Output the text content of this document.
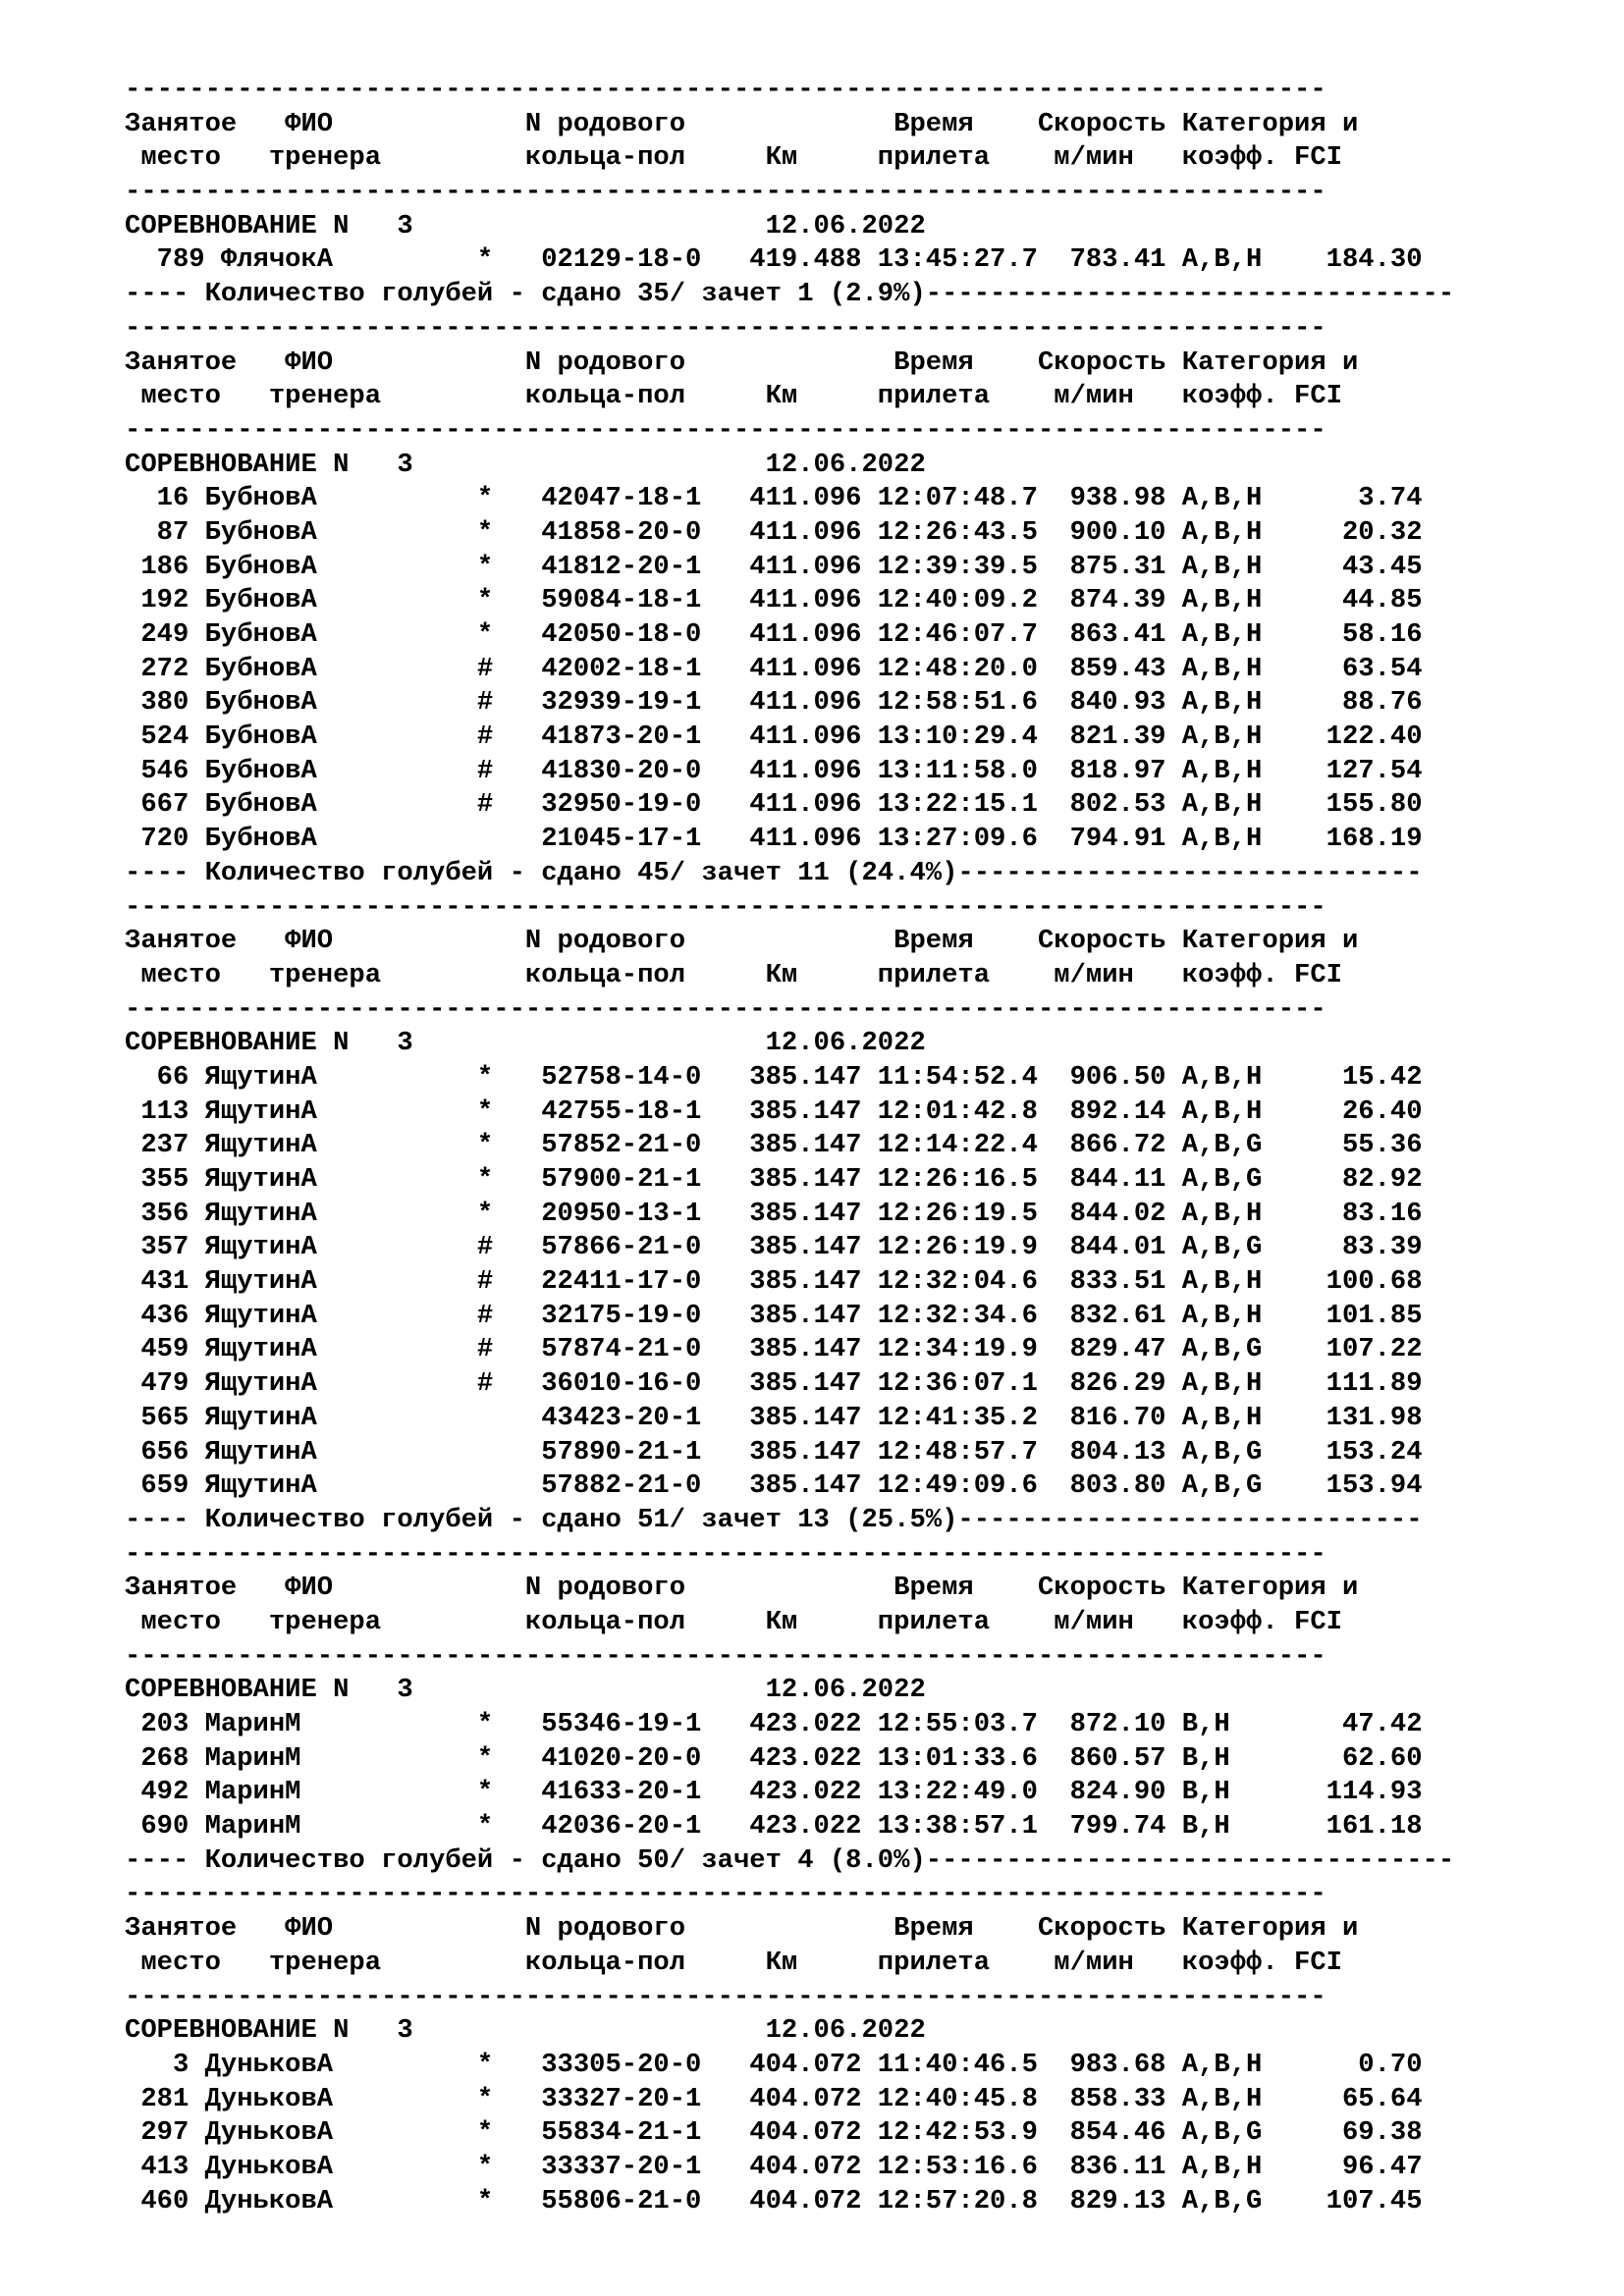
---------------------------------------------------------------------------
Занятое   ФИО            N родового             Время    Скорость Категория и
место   тренера         кольца-пол     Км     прилета    м/мин   коэфф. FCI
---------------------------------------------------------------------------
СОРЕВНОВАНИЕ N   3                      12.06.2022
789 ФлячокА         *   02129-18-0   419.488 13:45:27.7  783.41 A,B,H    184.30
---- Количество голубей - сдано 35/ зачет 1 (2.9%)---------------------------------
---------------------------------------------------------------------------
Занятое   ФИО            N родового             Время    Скорость Категория и
место   тренера         кольца-пол     Км     прилета    м/мин   коэфф. FCI
---------------------------------------------------------------------------
СОРЕВНОВАНИЕ N   3                      12.06.2022
16 БубновА          *   42047-18-1   411.096 12:07:48.7  938.98 A,B,H      3.74
87 БубновА          *   41858-20-0   411.096 12:26:43.5  900.10 A,B,H     20.32
186 БубновА          *   41812-20-1   411.096 12:39:39.5  875.31 A,B,H     43.45
192 БубновА          *   59084-18-1   411.096 12:40:09.2  874.39 A,B,H     44.85
249 БубновА          *   42050-18-0   411.096 12:46:07.7  863.41 A,B,H     58.16
272 БубновА          #   42002-18-1   411.096 12:48:20.0  859.43 A,B,H     63.54
380 БубновА          #   32939-19-1   411.096 12:58:51.6  840.93 A,B,H     88.76
524 БубновА          #   41873-20-1   411.096 13:10:29.4  821.39 A,B,H    122.40
546 БубновА          #   41830-20-0   411.096 13:11:58.0  818.97 A,B,H    127.54
667 БубновА          #   32950-19-0   411.096 13:22:15.1  802.53 A,B,H    155.80
720 БубновА              21045-17-1   411.096 13:27:09.6  794.91 A,B,H    168.19
---- Количество голубей - сдано 45/ зачет 11 (24.4%)-----------------------------
---------------------------------------------------------------------------
Занятое   ФИО            N родового             Время    Скорость Категория и
место   тренера         кольца-пол     Км     прилета    м/мин   коэфф. FCI
---------------------------------------------------------------------------
СОРЕВНОВАНИЕ N   3                      12.06.2022
66 ЯщутинА          *   52758-14-0   385.147 11:54:52.4  906.50 A,B,H     15.42
113 ЯщутинА          *   42755-18-1   385.147 12:01:42.8  892.14 A,B,H     26.40
237 ЯщутинА          *   57852-21-0   385.147 12:14:22.4  866.72 A,B,G     55.36
355 ЯщутинА          *   57900-21-1   385.147 12:26:16.5  844.11 A,B,G     82.92
356 ЯщутинА          *   20950-13-1   385.147 12:26:19.5  844.02 A,B,H     83.16
357 ЯщутинА          #   57866-21-0   385.147 12:26:19.9  844.01 A,B,G     83.39
431 ЯщутинА          #   22411-17-0   385.147 12:32:04.6  833.51 A,B,H    100.68
436 ЯщутинА          #   32175-19-0   385.147 12:32:34.6  832.61 A,B,H    101.85
459 ЯщутинА          #   57874-21-0   385.147 12:34:19.9  829.47 A,B,G    107.22
479 ЯщутинА          #   36010-16-0   385.147 12:36:07.1  826.29 A,B,H    111.89
565 ЯщутинА              43423-20-1   385.147 12:41:35.2  816.70 A,B,H    131.98
656 ЯщутинА              57890-21-1   385.147 12:48:57.7  804.13 A,B,G    153.24
659 ЯщутинА              57882-21-0   385.147 12:49:09.6  803.80 A,B,G    153.94
---- Количество голубей - сдано 51/ зачет 13 (25.5%)-----------------------------
---------------------------------------------------------------------------
Занятое   ФИО            N родового             Время    Скорость Категория и
место   тренера         кольца-пол     Км     прилета    м/мин   коэфф. FCI
---------------------------------------------------------------------------
СОРЕВНОВАНИЕ N   3                      12.06.2022
203 МаринМ           *   55346-19-1   423.022 12:55:03.7  872.10 B,H       47.42
268 МаринМ           *   41020-20-0   423.022 13:01:33.6  860.57 B,H       62.60
492 МаринМ           *   41633-20-1   423.022 13:22:49.0  824.90 B,H      114.93
690 МаринМ           *   42036-20-1   423.022 13:38:57.1  799.74 B,H      161.18
---- Количество голубей - сдано 50/ зачет 4 (8.0%)---------------------------------
---------------------------------------------------------------------------
Занятое   ФИО            N родового             Время    Скорость Категория и
место   тренера         кольца-пол     Км     прилета    м/мин   коэфф. FCI
---------------------------------------------------------------------------
СОРЕВНОВАНИЕ N   3                      12.06.2022
3 ДуньковА         *   33305-20-0   404.072 11:40:46.5  983.68 A,B,H      0.70
281 ДуньковА         *   33327-20-1   404.072 12:40:45.8  858.33 A,B,H     65.64
297 ДуньковА         *   55834-21-1   404.072 12:42:53.9  854.46 A,B,G     69.38
413 ДуньковА         *   33337-20-1   404.072 12:53:16.6  836.11 A,B,H     96.47
460 ДуньковА         *   55806-21-0   404.072 12:57:20.8  829.13 A,B,G    107.45
